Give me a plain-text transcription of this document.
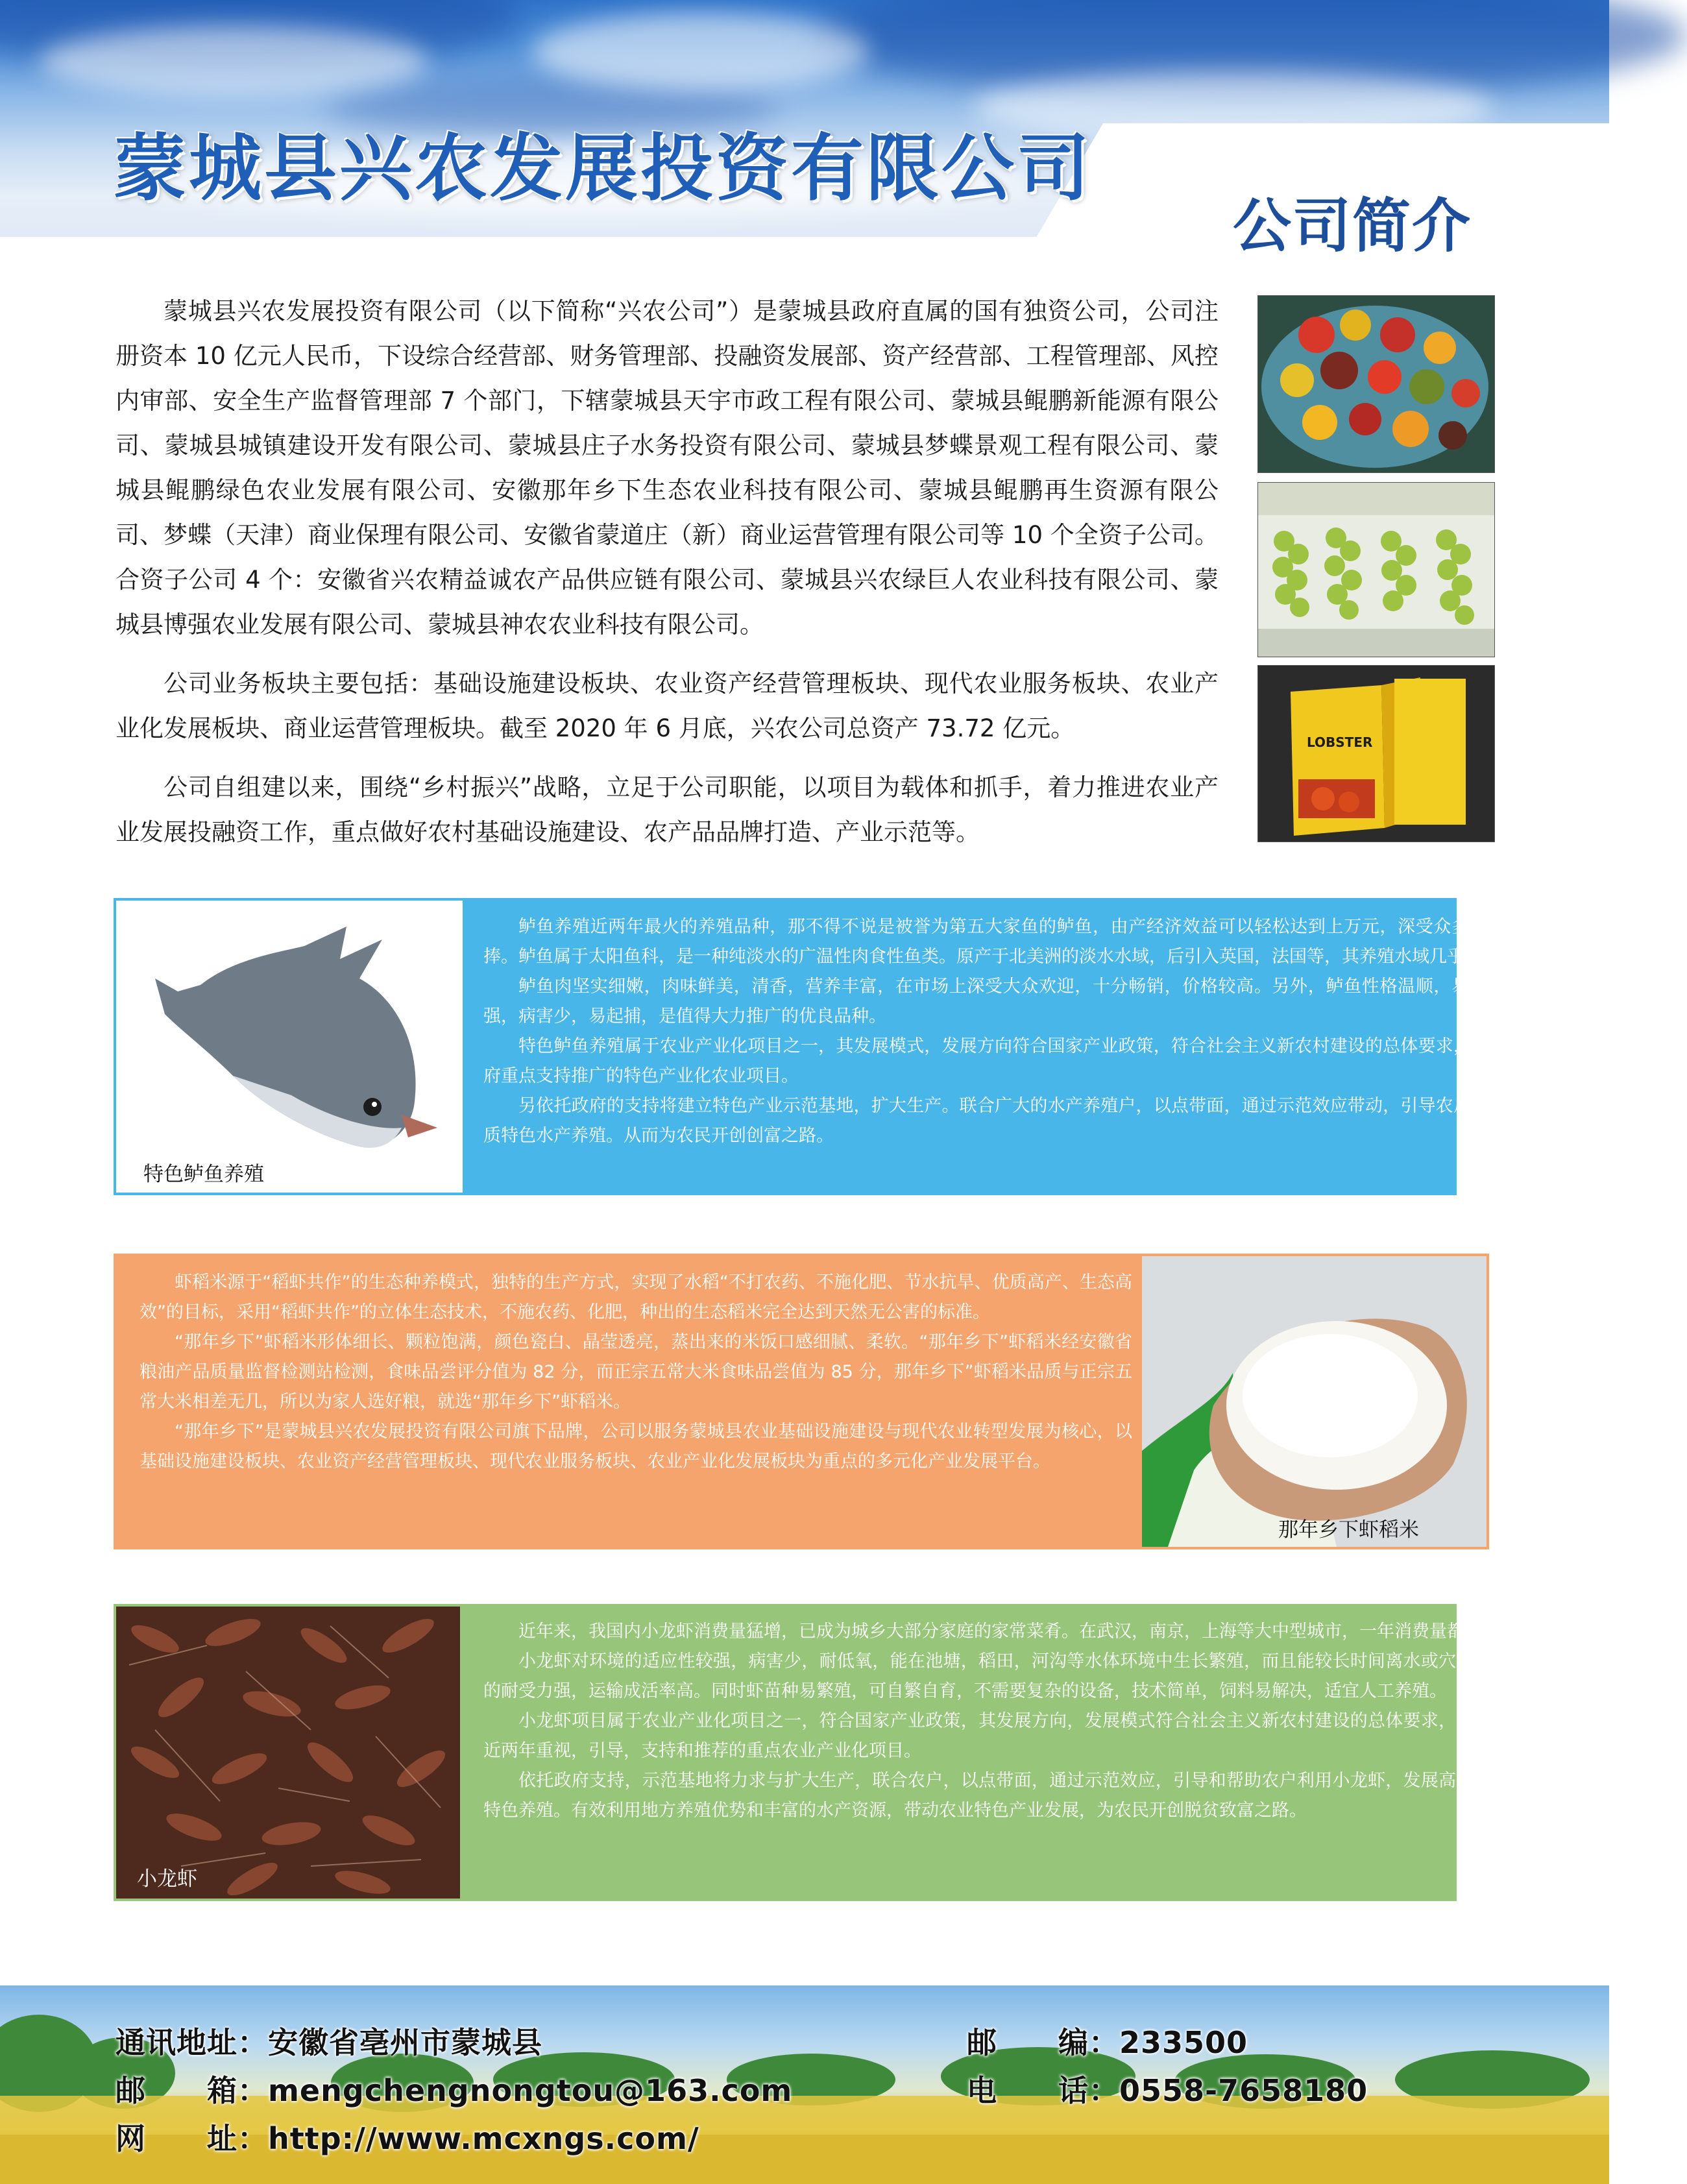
蒙城县兴农发展投资有限公司
公司简介

蒙城县兴农发展投资有限公司（以下简称“兴农公司”）是蒙城县政府直属的国有独资公司，公司注册资本 10 亿元人民币，下设综合经营部、财务管理部、投融资发展部、资产经营部、工程管理部、风控内审部、安全生产监督管理部 7 个部门，下辖蒙城县天宇市政工程有限公司、蒙城县鲲鹏新能源有限公司、蒙城县城镇建设开发有限公司、蒙城县庄子水务投资有限公司、蒙城县梦蝶景观工程有限公司、蒙城县鲲鹏绿色农业发展有限公司、安徽那年乡下生态农业科技有限公司、蒙城县鲲鹏再生资源有限公司、梦蝶（天津）商业保理有限公司、安徽省蒙道庄（新）商业运营管理有限公司等 10 个全资子公司。合资子公司 4 个：安徽省兴农精益诚农产品供应链有限公司、蒙城县兴农绿巨人农业科技有限公司、蒙城县博强农业发展有限公司、蒙城县神农农业科技有限公司。

公司业务板块主要包括：基础设施建设板块、农业资产经营管理板块、现代农业服务板块、农业产业化发展板块、商业运营管理板块。截至 2020 年 6 月底，兴农公司总资产 73.72 亿元。

公司自组建以来，围绕“乡村振兴”战略，立足于公司职能，以项目为载体和抓手，着力推进农业产业发展投融资工作，重点做好农村基础设施建设、农产品品牌打造、产业示范等。

LOBSTER
特色鲈鱼养殖

鲈鱼养殖近两年最火的养殖品种，那不得不说是被誉为第五大家鱼的鲈鱼，由产经济效益可以轻松达到上万元，深受众多养殖朋友的追捧。鲈鱼属于太阳鱼科，是一种纯淡水的广温性肉食性鱼类。原产于北美洲的淡水水域，后引入英国，法国等，其养殖水域几乎遍布全球。

鲈鱼肉坚实细嫩，肉味鲜美，清香，营养丰富，在市场上深受大众欢迎，十分畅销，价格较高。另外，鲈鱼性格温顺，易驯化，适应性强，病害少，易起捕，是值得大力推广的优良品种。

特色鲈鱼养殖属于农业产业化项目之一，其发展模式，发展方向符合国家产业政策，符合社会主义新农村建设的总体要求，同时也是县政府重点支持推广的特色产业化农业项目。

另依托政府的支持将建立特色产业示范基地，扩大生产。联合广大的水产养殖户，以点带面，通过示范效应带动，引导农户发展高效，优质特色水产养殖。从而为农民开创创富之路。

虾稻米源于“稻虾共作”的生态种养模式，独特的生产方式，实现了水稻“不打农药、不施化肥、节水抗旱、优质高产、生态高效”的目标，采用“稻虾共作”的立体生态技术，不施农药、化肥，种出的生态稻米完全达到天然无公害的标准。

“那年乡下”虾稻米形体细长、颗粒饱满，颜色瓷白、晶莹透亮，蒸出来的米饭口感细腻、柔软。“那年乡下”虾稻米经安徽省粮油产品质量监督检测站检测，食味品尝评分值为 82 分，而正宗五常大米食味品尝值为 85 分，那年乡下”虾稻米品质与正宗五常大米相差无几，所以为家人选好粮，就选“那年乡下”虾稻米。

“那年乡下”是蒙城县兴农发展投资有限公司旗下品牌，公司以服务蒙城县农业基础设施建设与现代农业转型发展为核心，以基础设施建设板块、农业资产经营管理板块、现代农业服务板块、农业产业化发展板块为重点的多元化产业发展平台。

那年乡下虾稻米
小龙虾

近年来，我国内小龙虾消费量猛增，已成为城乡大部分家庭的家常菜肴。在武汉，南京，上海等大中型城市，一年消费量都在万吨以上。

小龙虾对环境的适应性较强，病害少，耐低氧，能在池塘，稻田，河沟等水体环境中生长繁殖，而且能较长时间离水或穴居，对不良环境的耐受力强，运输成活率高。同时虾苗种易繁殖，可自繁自育，不需要复杂的设备，技术简单，饲料易解决，适宜人工养殖。

小龙虾项目属于农业产业化项目之一，符合国家产业政策，其发展方向，发展模式符合社会主义新农村建设的总体要求，同时也是县政府近两年重视，引导，支持和推荐的重点农业产业化项目。

依托政府支持，示范基地将力求与扩大生产，联合农户，以点带面，通过示范效应，引导和帮助农户利用小龙虾，发展高产，优质，高效特色养殖。有效利用地方养殖优势和丰富的水产资源，带动农业特色产业发展，为农民开创脱贫致富之路。

通讯地址：安徽省亳州市蒙城县
邮　　箱：mengchengnongtou@163.com
网　　址：http://www.mcxngs.com/
邮　　编：233500
电　　话：0558-7658180
